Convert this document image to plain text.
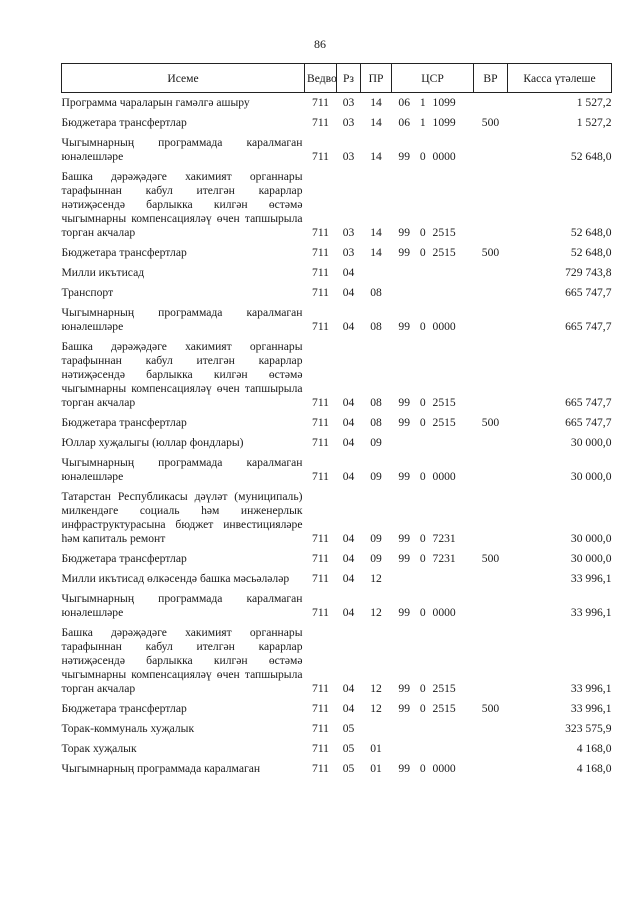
86
Исеме	Ведво	Рз	ПР	ЦСР	ВР	Касса үтәлеше
Программа чараларын гамәлгә ашыру	711	03	14	06 1 1099		1 527,2
Бюджетара трансфертлар	711	03	14	06 1 1099	500	1 527,2
Чыгымнарның программада каралмаган юнәлешләре	711	03	14	99 0 0000		52 648,0
Башка дәрәҗәдәге хакимият органнары тарафыннан кабул ителгән карарлар нәтиҗәсендә барлыкка килгән өстәмә чыгымнарны компенсацияләү өчен тапшырыла торган акчалар	711	03	14	99 0 2515		52 648,0
Бюджетара трансфертлар	711	03	14	99 0 2515	500	52 648,0
Милли икътисад	711	04				729 743,8
Транспорт	711	04	08			665 747,7
Чыгымнарның программада каралмаган юнәлешләре	711	04	08	99 0 0000		665 747,7
Башка дәрәҗәдәге хакимият органнары тарафыннан кабул ителгән карарлар нәтиҗәсендә барлыкка килгән өстәмә чыгымнарны компенсацияләү өчен тапшырыла торган акчалар	711	04	08	99 0 2515		665 747,7
Бюджетара трансфертлар	711	04	08	99 0 2515	500	665 747,7
Юллар хуҗалыгы (юллар фондлары)	711	04	09			30 000,0
Чыгымнарның программада каралмаган юнәлешләре	711	04	09	99 0 0000		30 000,0
Татарстан Республикасы дәүләт (муниципаль) милкендәге социаль һәм инженерлык инфраструктурасына бюджет инвестицияләре һәм капиталь ремонт	711	04	09	99 0 7231		30 000,0
Бюджетара трансфертлар	711	04	09	99 0 7231	500	30 000,0
Милли икътисад өлкәсендә башка мәсьәләләр	711	04	12			33 996,1
Чыгымнарның программада каралмаган юнәлешләре	711	04	12	99 0 0000		33 996,1
Башка дәрәҗәдәге хакимият органнары тарафыннан кабул ителгән карарлар нәтиҗәсендә барлыкка килгән өстәмә чыгымнарны компенсацияләү өчен тапшырыла торган акчалар	711	04	12	99 0 2515		33 996,1
Бюджетара трансфертлар	711	04	12	99 0 2515	500	33 996,1
Торак-коммуналь хуҗалык	711	05				323 575,9
Торак хуҗалык	711	05	01			4 168,0
Чыгымнарның программада каралмаган	711	05	01	99 0 0000		4 168,0
